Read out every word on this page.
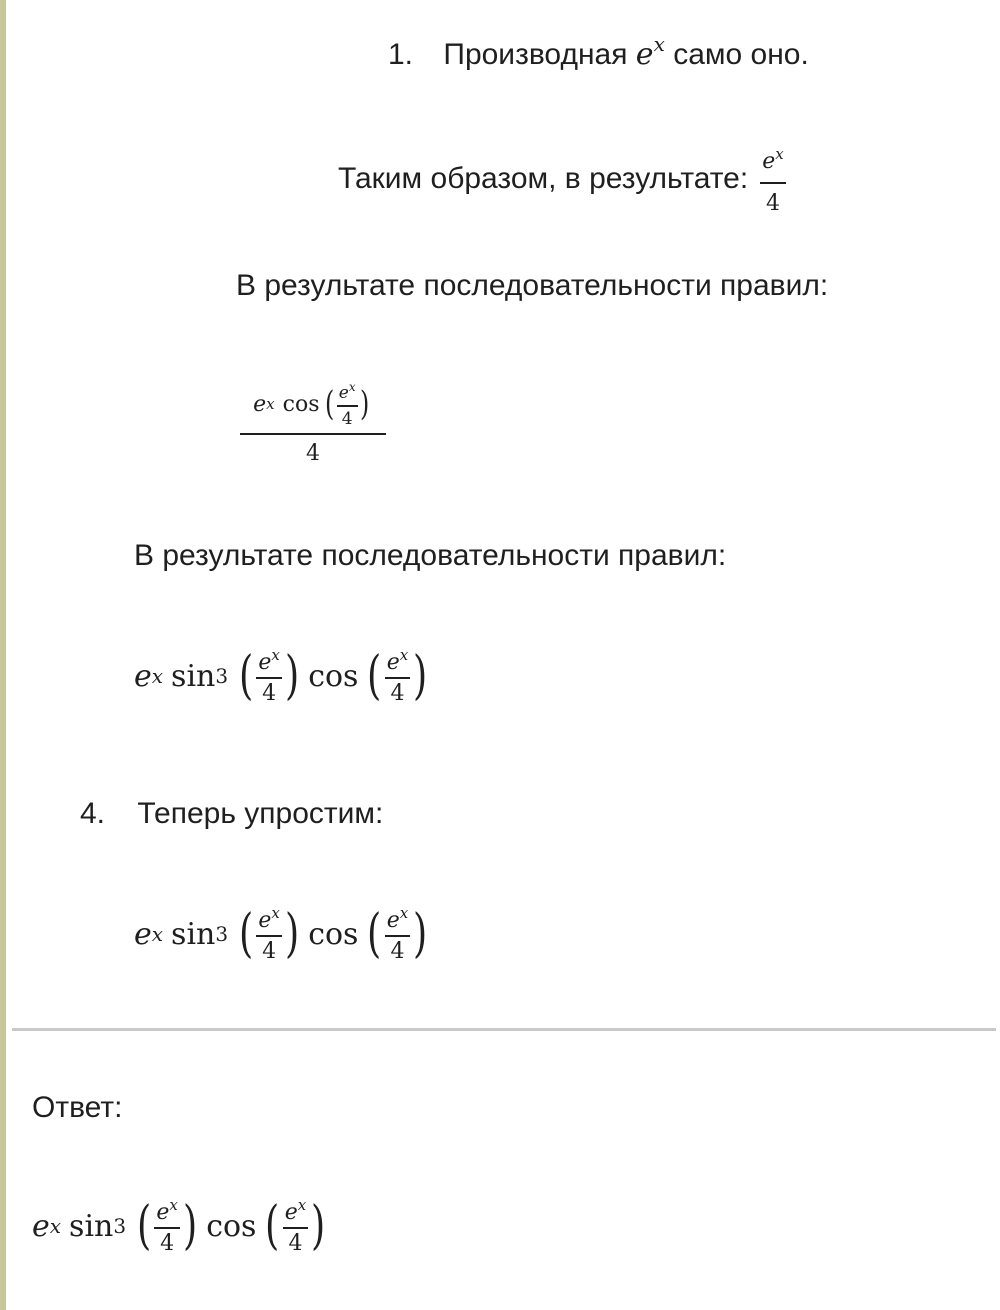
1. Производная $e^x$ само оно.
Таким образом, в результате: $\frac{e^x}{4}$
В результате последовательности правил:
e x cos ( $\frac{e^x}{4}$ )
4
В результате последовательности правил:
e x sin 3 ( $\frac{e^x}{4}$ ) cos ( $\frac{e^x}{4}$ )
4. Теперь упростим:
e x sin 3 ( $\frac{e^x}{4}$ ) cos ( $\frac{e^x}{4}$ )
Ответ:
e x sin 3 ( $\frac{e^x}{4}$ ) cos ( $\frac{e^x}{4}$ )
